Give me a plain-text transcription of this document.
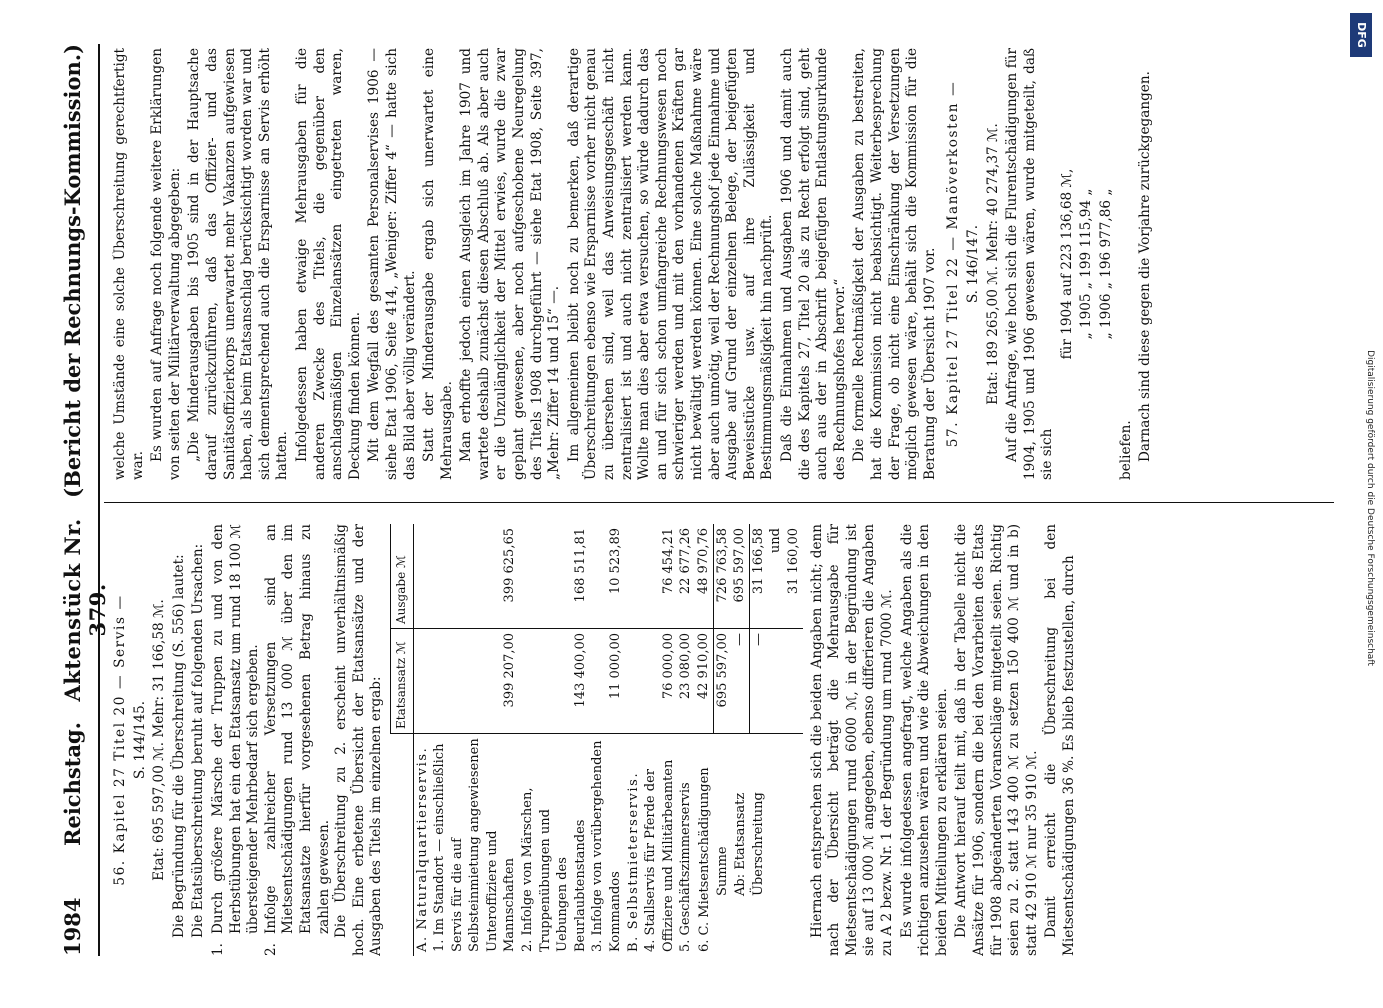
1984
Reichstag.
Aktenstück Nr. 379.
(Bericht der Rechnungs-Kommission.)

56. Kapitel 27 Titel 20 — Servis — S. 144/145. Etat: 695 597,00 ℳ. Mehr: 31 166,58 ℳ. Die Begründung für die Überschreitung (S. 556) lautet: Die Etatsüberschreitung beruht auf folgenden Ursachen:

1.
Durch größere Märsche der Truppen zu und von den Herbstübungen hat ein den Etatsansatz um rund 18 100 ℳ übersteigender Mehrbedarf sich ergeben.
2.
Infolge zahlreicher Versetzungen sind an Mietsentschädigungen rund 13 000 ℳ über den im Etatsansatze hierfür vorgesehenen Betrag hinaus zu zahlen gewesen. Die Überschreitung zu 2. erscheint unverhältnismäßig hoch. Eine erbetene Übersicht der Etatsansätze und der Ausgaben des Titels im einzelnen ergab:

	Etatsansatz ℳ	Ausgabe ℳ
A. Naturalquartierservis.		
1. Im Standort — einschließlich Servis für die auf Selbsteinmietung angewiesenen Unteroffiziere und Mannschaften	399 207,00	399 625,65
2. Infolge von Märschen, Truppenübungen und Uebungen des Beurlaubtenstandes	143 400,00	168 511,81
3. Infolge von vorübergehenden Kommandos	11 000,00	10 523,89
B. Selbstmieterservis.		
4. Stallservis für Pferde der Offiziere und Militärbeamten	76 000,00	76 454,21
5. Geschäftszimmerservis	23 080,00	22 677,26
6. C. Mietsentschädigungen	42 910,00	48 970,76
Summe	695 597,00	726 763,58
Ab: Etatsansatz	—	695 597,00
Überschreitung	—	31 166,58
		und
		31 160,00 Hiernach entsprechen sich die beiden Angaben nicht; denn nach der Übersicht beträgt die Mehrausgabe für Mietsentschädigungen rund 6000 ℳ, in der Begründung ist sie auf 13 000 ℳ angegeben, ebenso differieren die Angaben zu A 2 bezw. Nr. 1 der Begründung um rund 7000 ℳ. Es wurde infolgedessen angefragt, welche Angaben als die richtigen anzusehen wären und wie die Abweichungen in den beiden Mitteilungen zu erklären seien. Die Antwort hierauf teilt mit, daß in der Tabelle nicht die Ansätze für 1906, sondern die bei den Vorarbeiten des Etats für 1908 abgeänderten Voranschläge mitgeteilt seien. Richtig seien zu 2. statt 143 400 ℳ zu setzen 150 400 ℳ und in b) statt 42 910 ℳ nur 35 910 ℳ. Damit erreicht die Überschreitung bei den Mietsentschädigungen 36 %. Es blieb festzustellen, durch

welche Umstände eine solche Überschreitung gerechtfertigt war.

Es wurden auf Anfrage noch folgende weitere Erklärungen von seiten der Militärverwaltung abgegeben: „Die Minderausgaben bis 1905 sind in der Hauptsache darauf zurückzuführen, daß das Offizier- und das Sanitätsoffizierkorps unerwartet mehr Vakanzen aufgewiesen haben, als beim Etatsanschlag berücksichtigt worden war und sich dementsprechend auch die Ersparnisse an Servis erhöht hatten. Infolgedessen haben etwaige Mehrausgaben für die anderen Zwecke des Titels, die gegenüber den anschlagsmäßigen Einzelansätzen eingetreten waren, Deckung finden können. Mit dem Wegfall des gesamten Personalservises 1906 — siehe Etat 1906, Seite 414, „Weniger: Ziffer 4“ — hatte sich das Bild aber völlig verändert. Statt der Minderausgabe ergab sich unerwartet eine Mehrausgabe. Man erhoffte jedoch einen Ausgleich im Jahre 1907 und wartete deshalb zunächst diesen Abschluß ab. Als aber auch er die Unzulänglichkeit der Mittel erwies, wurde die zwar geplant gewesene, aber noch aufgeschobene Neuregelung des Titels 1908 durchgeführt — siehe Etat 1908, Seite 397, „Mehr: Ziffer 14 und 15“ —. Im allgemeinen bleibt noch zu bemerken, daß derartige Überschreitungen ebenso wie Ersparnisse vorher nicht genau zu übersehen sind, weil das Anweisungsgeschäft nicht zentralisiert ist und auch nicht zentralisiert werden kann. Wollte man dies aber etwa versuchen, so würde dadurch das an und für sich schon umfangreiche Rechnungswesen noch schwieriger werden und mit den vorhandenen Kräften gar nicht bewältigt werden können. Eine solche Maßnahme wäre aber auch unnötig, weil der Rechnungshof jede Einnahme und Ausgabe auf Grund der einzelnen Belege, der beigefügten Beweisstücke usw. auf ihre Zulässigkeit und Bestimmungsmäßigkeit hin nachprüft. Daß die Einnahmen und Ausgaben 1906 und damit auch die des Kapitels 27, Titel 20 als zu Recht erfolgt sind, geht auch aus der in Abschrift beigefügten Entlastungsurkunde des Rechnungshofes hervor.“ Die formelle Rechtmäßigkeit der Ausgaben zu bestreiten, hat die Kommission nicht beabsichtigt. Weiterbesprechung der Frage, ob nicht eine Einschränkung der Versetzungen möglich gewesen wäre, behält sich die Kommission für die Beratung der Übersicht 1907 vor. 57. Kapitel 27 Titel 22 — Manöverkosten — S. 146/147. Etat: 189 265,00 ℳ. Mehr: 40 274,37 ℳ. Auf die Anfrage, wie hoch sich die Flurentschädigungen für 1904, 1905 und 1906 gewesen wären, wurde mitgeteilt, daß sie sich

für 1904 auf 223 136,68 ℳ, „ 1905 „ 199 115,94 „ „ 1906 „ 196 977,86 „

beliefen. Darnach sind diese gegen die Vorjahre zurückgegangen.

DFG
Digitalisierung gefördert durch die Deutsche Forschungsgemeinschaft
